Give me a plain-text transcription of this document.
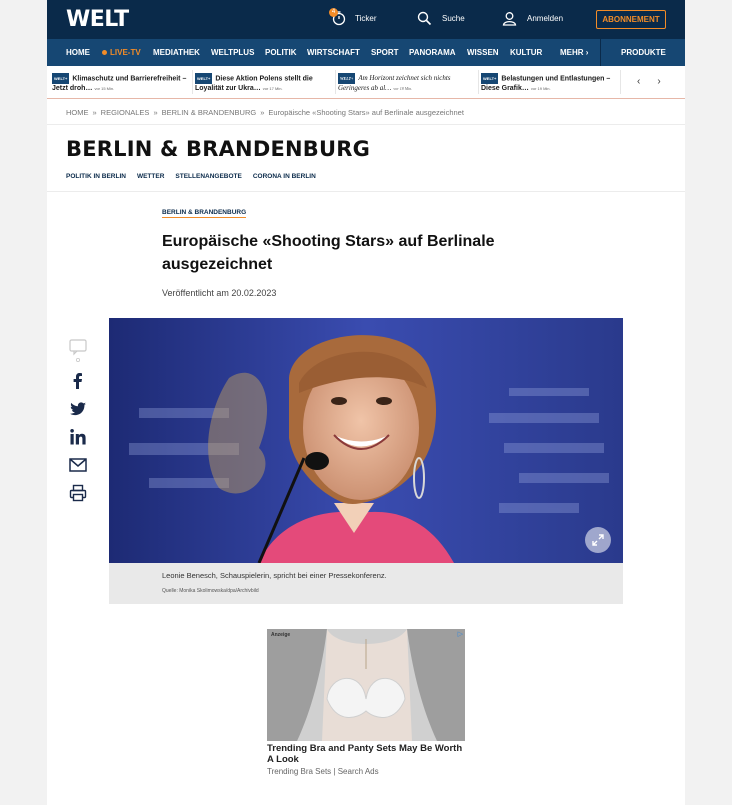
WELT	Ticker
4
Suche	Anmelden	ABONNEMENT
HOME	LIVE-TV MEDIATHEK WELTPLUS POLITIK WIRTSCHAFT SPORT PANORAMA WISSEN KULTUR MEHR ›	PRODUKTE
WELT+ Klimaschutz und Barrierefreiheit – Jetzt droh… vor 15 Min.
WELT+ Diese Aktion Polens stellt die Loyalität zur Ukra… vor 17 Min.
WELT+ Am Horizont zeichnet sich nichts Geringeres ab al… vor 18 Min.
WELT+ Belastungen und Entlastungen – Diese Grafik… vor 19 Min.
‹ ›
HOME » REGIONALES » BERLIN & BRANDENBURG » Europäische «Shooting Stars» auf Berlinale ausgezeichnet
BERLIN & BRANDENBURG
POLITIK IN BERLIN WETTER STELLENANGEBOTE CORONA IN BERLIN
BERLIN & BRANDENBURG
Europäische «Shooting Stars» auf Berlinale ausgezeichnet
Veröffentlicht am 20.02.2023
Leonie Benesch, Schauspielerin, spricht bei einer Pressekonferenz.
Quelle: Monika Skolimowska/dpa/Archivbild
Anzeige	▷
Trending Bra and Panty Sets May Be Worth A Look
Trending Bra Sets | Search Ads
